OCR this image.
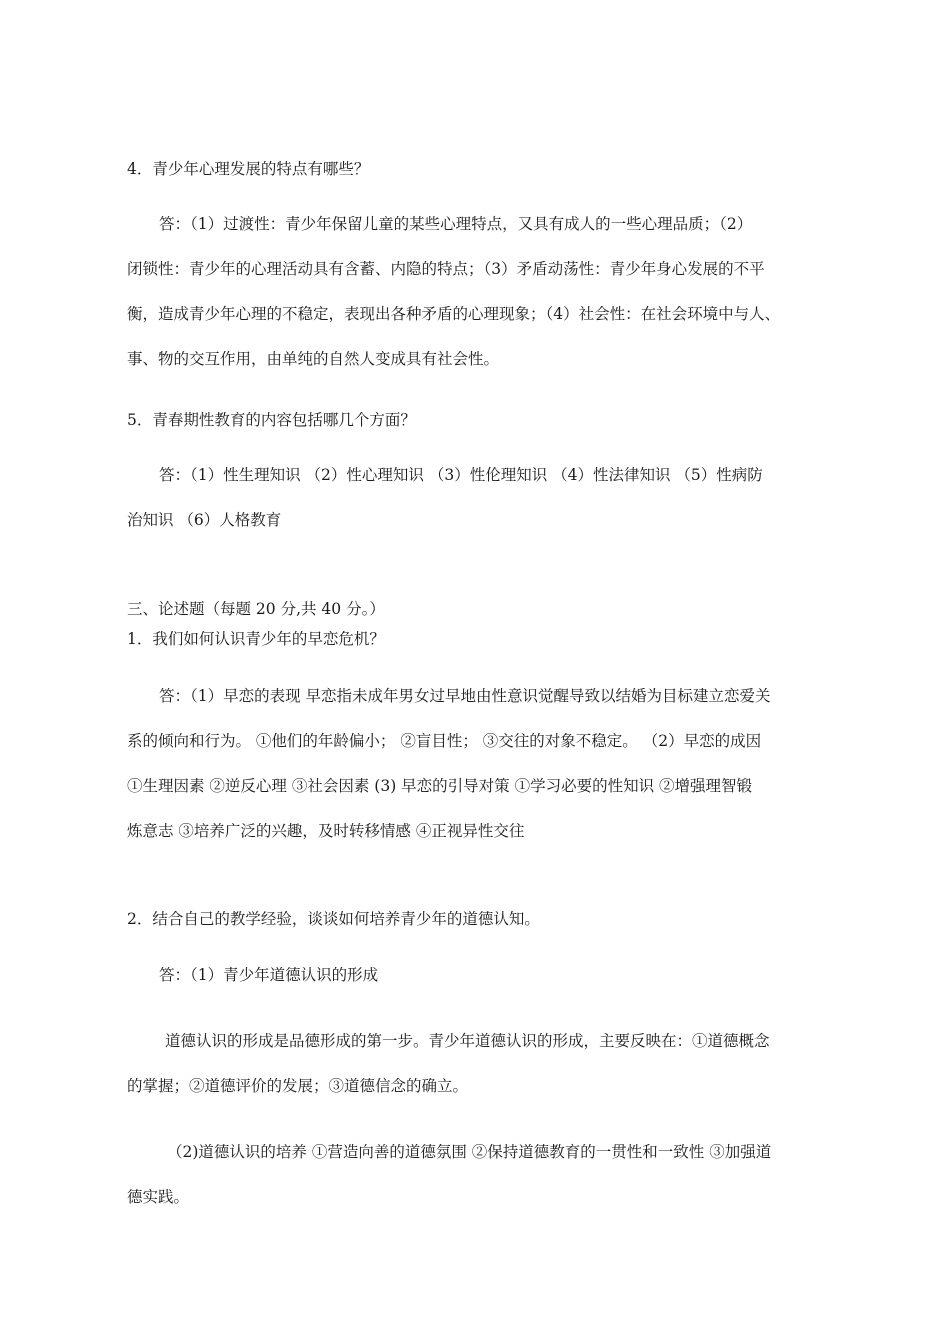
4．青少年心理发展的特点有哪些？
答：（1）过渡性：青少年保留儿童的某些心理特点，又具有成人的一些心理品质；（2）
闭锁性：青少年的心理活动具有含蓄、内隐的特点；（3）矛盾动荡性：青少年身心发展的不平
衡，造成青少年心理的不稳定，表现出各种矛盾的心理现象；（4）社会性：在社会环境中与人、
事、物的交互作用，由单纯的自然人变成具有社会性。
5．青春期性教育的内容包括哪几个方面？
答：（1）性生理知识 （2）性心理知识 （3）性伦理知识 （4）性法律知识 （5）性病防
治知识 （6）人格教育
三、论述题（每题 20 分,共 40 分。）
1．我们如何认识青少年的早恋危机？
答：（1）早恋的表现 早恋指未成年男女过早地由性意识觉醒导致以结婚为目标建立恋爱关
系的倾向和行为。 ①他们的年龄偏小； ②盲目性； ③交往的对象不稳定。 （2）早恋的成因
①生理因素 ②逆反心理 ③社会因素 (3) 早恋的引导对策 ①学习必要的性知识 ②增强理智锻
炼意志 ③培养广泛的兴趣，及时转移情感 ④正视异性交往
2．结合自己的教学经验，谈谈如何培养青少年的道德认知。
答：（1）青少年道德认识的形成
道德认识的形成是品德形成的第一步。青少年道德认识的形成，主要反映在：①道德概念
的掌握；②道德评价的发展；③道德信念的确立。
（2)道德认识的培养 ①营造向善的道德氛围 ②保持道德教育的一贯性和一致性 ③加强道
德实践。
